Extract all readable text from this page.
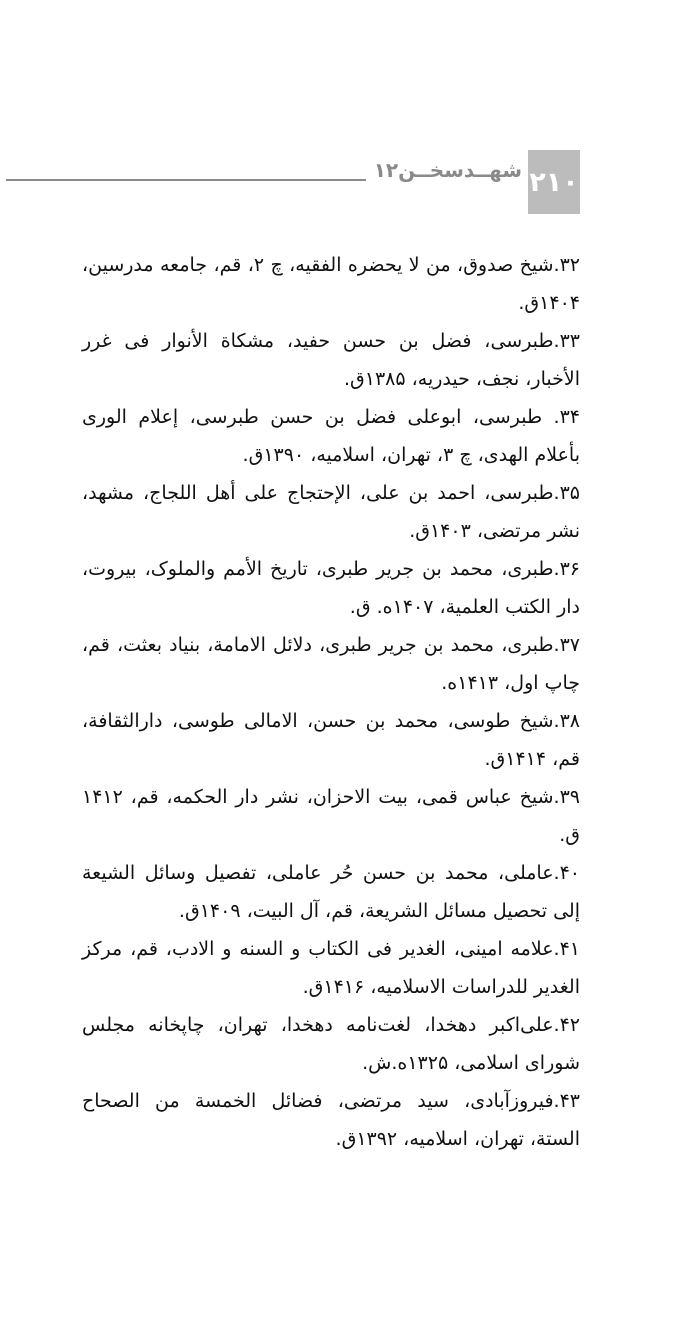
شهــدسخــن۱۲ ۲۱۰
۳۲.شیخ صدوق، من لا یحضره الفقیه، چ ۲، قم، جامعه مدرسین، ۱۴۰۴ق.
۳۳.طبرسی، فضل بن حسن حفید، مشکاة الأنوار فی غرر الأخبار، نجف، حیدریه، ۱۳۸۵ق.
۳۴. طبرسی، ابوعلی فضل بن حسن طبرسی، إعلام الوری بأعلام الهدی، چ ۳، تهران، اسلامیه، ۱۳۹۰ق.
۳۵.طبرسی، احمد بن علی، الإحتجاج علی أهل اللجاج، مشهد، نشر مرتضی، ۱۴۰۳ق.
۳۶.طبری، محمد بن جریر طبری، تاریخ الأمم والملوک، بیروت، دار الکتب العلمیة، ۱۴۰۷ه. ق.
۳۷.طبری، محمد بن جریر طبری، دلائل الامامة، بنیاد بعثت، قم، چاپ اول، ۱۴۱۳ه.
۳۸.شیخ طوسی، محمد بن حسن، الامالی طوسی، دارالثقافة، قم، ۱۴۱۴ق.
۳۹.شیخ عباس قمی، بیت الاحزان، نشر دار الحکمه، قم، ۱۴۱۲ ق.
۴۰.عاملی، محمد بن حسن حُر عاملی، تفصیل وسائل الشیعة إلی تحصیل مسائل الشریعة، قم، آل البیت، ۱۴۰۹ق.
۴۱.علامه امینی، الغدیر فی الکتاب و السنه و الادب، قم، مرکز الغدیر للدراسات الاسلامیه، ۱۴۱۶ق.
۴۲.علی‌اکبر دهخدا، لغت‌نامه دهخدا، تهران، چاپخانه مجلس شورای اسلامی، ۱۳۲۵ه.ش.
۴۳.فیروزآبادی، سید مرتضی، فضائل الخمسة من الصحاح الستة، تهران، اسلامیه، ۱۳۹۲ق.
